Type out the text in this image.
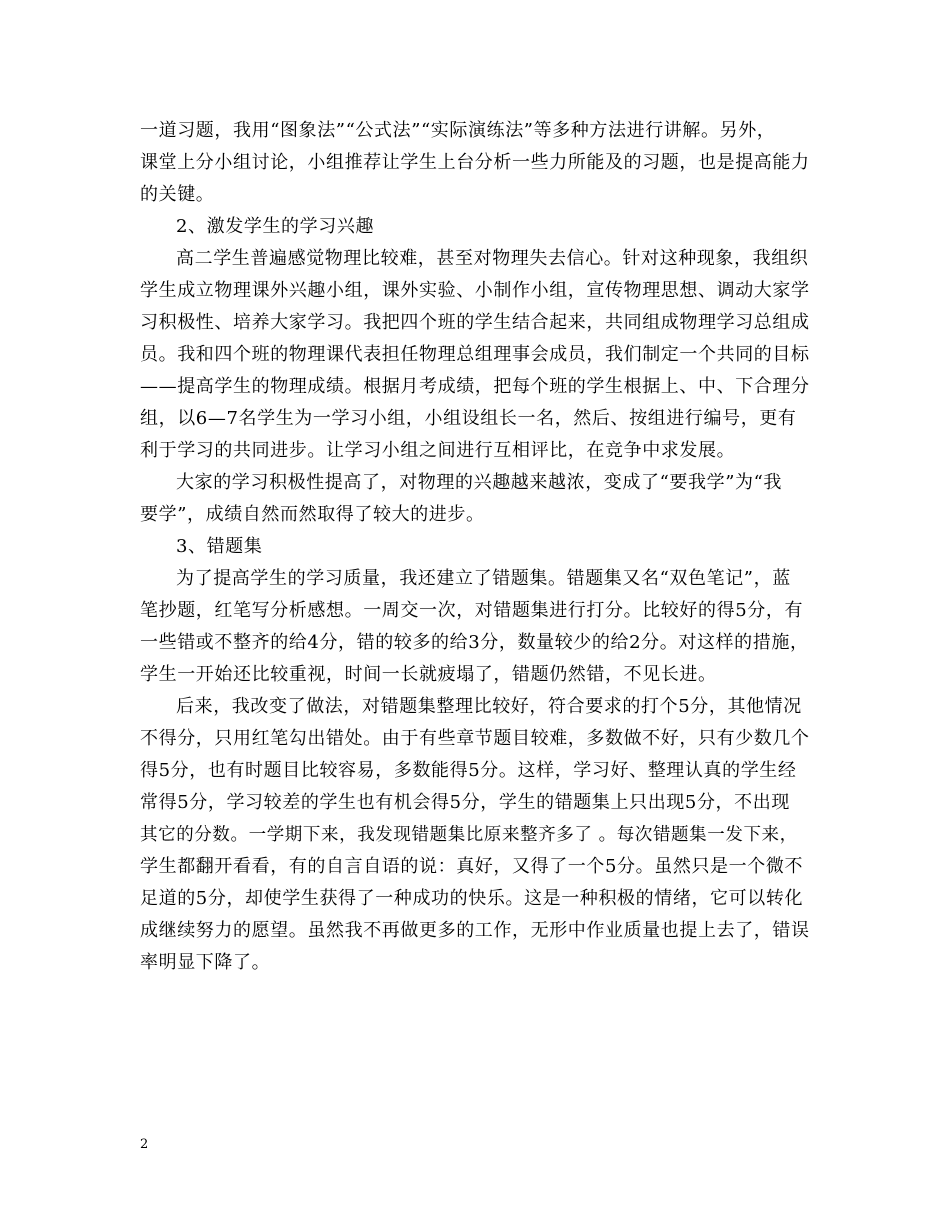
一道习题，我用“图象法”“公式法”“实际演练法”等多种方法进行讲解。另外，
课堂上分小组讨论，小组推荐让学生上台分析一些力所能及的习题，也是提高能力
的关键。
2、激发学生的学习兴趣
高二学生普遍感觉物理比较难，甚至对物理失去信心。针对这种现象，我组织
学生成立物理课外兴趣小组，课外实验、小制作小组，宣传物理思想、调动大家学
习积极性、培养大家学习。我把四个班的学生结合起来，共同组成物理学习总组成
员。我和四个班的物理课代表担任物理总组理事会成员，我们制定一个共同的目标
——提高学生的物理成绩。根据月考成绩，把每个班的学生根据上、中、下合理分
组，以6—7名学生为一学习小组，小组设组长一名，然后、按组进行编号，更有
利于学习的共同进步。让学习小组之间进行互相评比，在竞争中求发展。
大家的学习积极性提高了，对物理的兴趣越来越浓，变成了“要我学”为“我
要学”，成绩自然而然取得了较大的进步。
3、错题集
为了提高学生的学习质量，我还建立了错题集。错题集又名“双色笔记”，蓝
笔抄题，红笔写分析感想。一周交一次，对错题集进行打分。比较好的得5分，有
一些错或不整齐的给4分，错的较多的给3分，数量较少的给2分。对这样的措施，
学生一开始还比较重视，时间一长就疲塌了，错题仍然错，不见长进。
后来，我改变了做法，对错题集整理比较好，符合要求的打个5分，其他情况
不得分，只用红笔勾出错处。由于有些章节题目较难，多数做不好，只有少数几个
得5分，也有时题目比较容易，多数能得5分。这样，学习好、整理认真的学生经
常得5分，学习较差的学生也有机会得5分，学生的错题集上只出现5分，不出现
其它的分数。一学期下来，我发现错题集比原来整齐多了 。每次错题集一发下来，
学生都翻开看看，有的自言自语的说：真好，又得了一个5分。虽然只是一个微不
足道的5分，却使学生获得了一种成功的快乐。这是一种积极的情绪，它可以转化
成继续努力的愿望。虽然我不再做更多的工作，无形中作业质量也提上去了，错误
率明显下降了。
2
